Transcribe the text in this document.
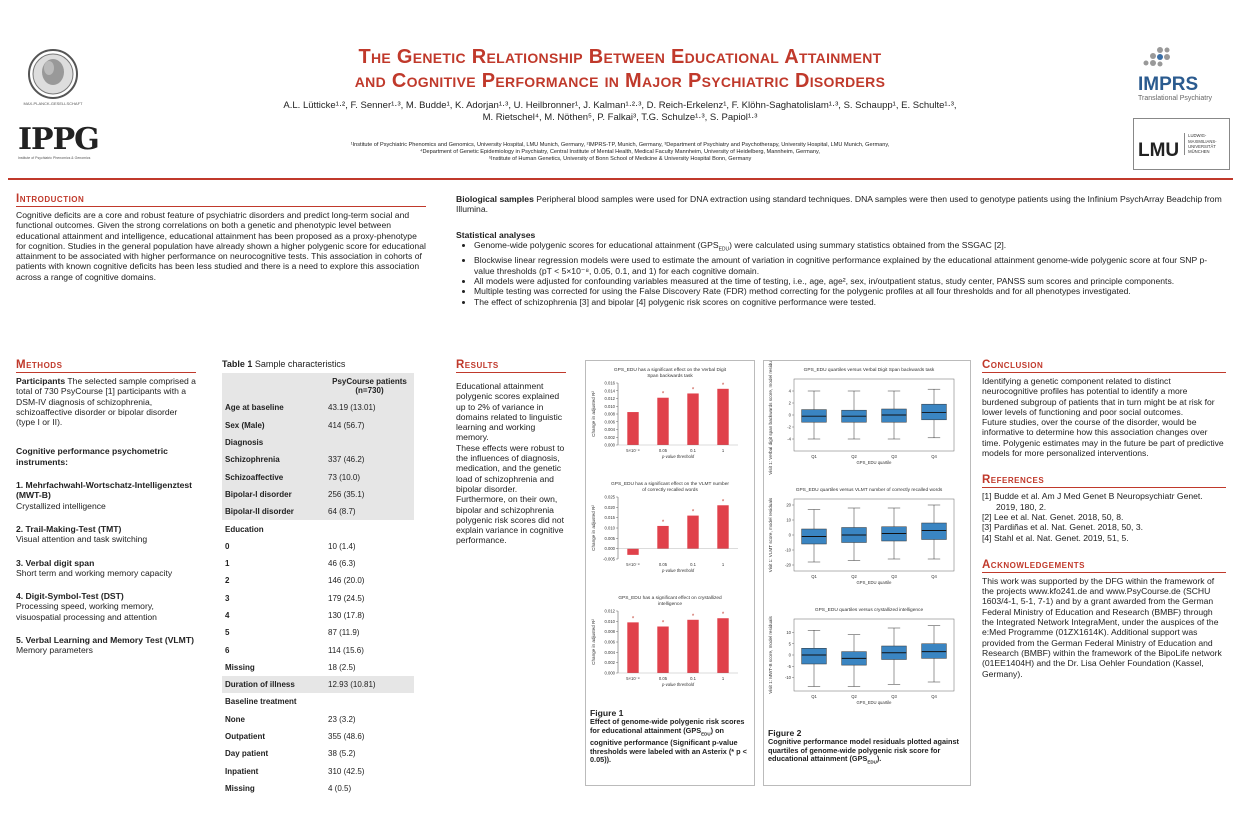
MAX-PLANCK-GESELLSCHAFT
IPPG
Institute of Psychiatric Phenomics & Genomics
The Genetic Relationship Between Educational Attainment
and Cognitive Performance in Major Psychiatric Disorders
A.L. Lütticke¹·², F. Senner¹·³, M. Budde¹, K. Adorjan¹·³, U. Heilbronner¹, J. Kalman¹·²·³, D. Reich-Erkelenz¹, F. Klöhn-Saghatolislam¹·³, S. Schaupp¹, E. Schulte¹·³,
M. Rietschel⁴, M. Nöthen⁵, P. Falkai³, T.G. Schulze¹·³, S. Papiol¹·³
¹Institute of Psychiatric Phenomics and Genomics, University Hospital, LMU Munich, Germany, ²IMPRS-TP, Munich, Germany, ³Department of Psychiatry and Psychotherapy, University Hospital, LMU Munich, Germany,
⁴Department of Genetic Epidemiology in Psychiatry, Central Institute of Mental Health, Medical Faculty Mannheim, University of Heidelberg, Mannheim, Germany,
⁵Institute of Human Genetics, University of Bonn School of Medicine & University Hospital Bonn, Germany
IMPRS
Translational Psychiatry
LMU
LUDWIG-MAXIMILIANS-UNIVERSITÄT MÜNCHEN
Introduction
Cognitive deficits are a core and robust feature of psychiatric disorders and predict long-term social and functional outcomes. Given the strong correlations on both a genetic and phenotypic level between educational attainment and intelligence, educational attainment has been proposed as a proxy-phenotype for cognition. Studies in the general population have already shown a higher polygenic score for educational attainment to be associated with higher performance on neurocognitive tests. This association in cohorts of patients with known cognitive deficits has been less studied and there is a need to explore this association across a range of cognitive domains.
Biological samples Peripheral blood samples were used for DNA extraction using standard techniques. DNA samples were then used to genotype patients using the Infinium PsychArray Beadchip from Illumina.
Statistical analyses
• Genome-wide polygenic scores for educational attainment $(GPS_{EDU})$ were calculated using summary statistics obtained from the SSGAC [2].
• Blockwise linear regression models were used to estimate the amount of variation in cognitive performance explained by the educational attainment genome-wide polygenic score at four SNP p-value thresholds (pT < 5×10⁻⁸, 0.05, 0.1, and 1) for each cognitive domain.
• All models were adjusted for confounding variables measured at the time of testing, i.e., age, age², sex, in/outpatient status, study center, PANSS sum scores and principle components.
• Multiple testing was corrected for using the False Discovery Rate (FDR) method correcting for the polygenic profiles at all four thresholds and for all phenotypes investigated.
• The effect of schizophrenia [3] and bipolar [4] polygenic risk scores on cognitive performance were tested.
Methods
Participants The selected sample comprised a total of 730 PsyCourse [1] participants with a DSM-IV diagnosis of schizophrenia, schizoaffective disorder or bipolar disorder (type I or II).
Cognitive performance psychometric instruments:
1. Mehrfachwahl-Wortschatz-Intelligenztest (MWT-B)
Crystallized intelligence
2. Trail-Making-Test (TMT)
Visual attention and task switching
3. Verbal digit span
Short term and working memory capacity
4. Digit-Symbol-Test (DST)
Processing speed, working memory, visuospatial processing and attention
5. Verbal Learning and Memory Test (VLMT)
Memory parameters
Table 1 Sample characteristics
	PsyCourse patients (n=730)
Age at baseline	43.19 (13.01)
Sex (Male)	414 (56.7)
Diagnosis	
Schizophrenia	337 (46.2)
Schizoaffective	73 (10.0)
Bipolar-I disorder	256 (35.1)
Bipolar-II disorder	64 (8.7)
Education	
0	10 (1.4)
1	46 (6.3)
2	146 (20.0)
3	179 (24.5)
4	130 (17.8)
5	87 (11.9)
6	114 (15.6)
Missing	18 (2.5)
Duration of illness	12.93 (10.81)
Baseline treatment	
None	23 (3.2)
Outpatient	355 (48.6)
Day patient	38 (5.2)
Inpatient	310 (42.5)
Missing	4 (0.5)
Results
Educational attainment polygenic scores explained up to 2% of variance in domains related to linguistic learning and working memory.
These effects were robust to the influences of diagnosis, medication, and the genetic load of schizophrenia and bipolar disorder. Furthermore, on their own, bipolar and schizophrenia polygenic risk scores did not explain variance in cognitive performance.
GPS_EDU has a significant effect on the Verbal Digit
Span backwards task
0.000
0.002
0.004
0.006
0.008
0.010
0.012
0.014
0.016
Change in adjusted R²
5×10⁻⁸
*
0.05
*
0.1
*
1
p-value threshold
GPS_EDU has a significant effect on the VLMT number
of correctly recalled words
-0.005
0.000
0.005
0.010
0.015
0.020
0.025
Change in adjusted R²
5×10⁻⁸
*
0.05
*
0.1
*
1
p-value threshold
GPS_EDU has a significant effect on crystallized
intelligence
0.000
0.002
0.004
0.006
0.008
0.010
0.012
Change in adjusted R²	*
5×10⁻⁸
*
0.05
*
0.1
*
1
p-value threshold
Figure 1
Effect of genome-wide polygenic risk scores for educational attainment $(GPS_{EDU})$ on cognitive performance (Significant p-value thresholds were labeled with an Asterix (* p < 0.05)).
GPS_EDU quartiles versus Verbal Digit Span backwards task
-4
-2
0
2
4
Visit 1: Verbal digit span backwards score, model residuals	Q1	Q2	Q3	Q4
GPS_EDU quartile
GPS_EDU quartiles versus VLMT number of correctly recalled words
-20
-10
0
10
20
Visit 1: VLMT score, model residuals
Q1	Q2	Q3	Q4
GPS_EDU quartile
GPS_EDU quartiles versus crystallized intelligence
-10
-5
0
5
10
Visit 1: MWT-B score, model residuals
Q1	Q2	Q3	Q4
GPS_EDU quartile
Figure 2
Cognitive performance model residuals plotted against quartiles of genome-wide polygenic risk score for educational attainment $(GPS_{EDU})$.
Conclusion
Identifying a genetic component related to distinct neurocognitive profiles has potential to identify a more burdened subgroup of patients that in turn might be at risk for lower levels of functioning and poor social outcomes.
Future studies, over the course of the disorder, would be informative to determine how this association changes over time. Polygenic estimates may in the future be part of predictive models for more personalized interventions.
References
[1] Budde et al. Am J Med Genet B Neuropsychiatr Genet. 2019, 180, 2.
[2] Lee et al. Nat. Genet. 2018, 50, 8.
[3] Pardiñas et al. Nat. Genet. 2018, 50, 3.
[4] Stahl et al. Nat. Genet. 2019, 51, 5.
Acknowledgements
This work was supported by the DFG within the framework of the projects www.kfo241.de and www.PsyCourse.de (SCHU 1603/4-1, 5-1, 7-1) and by a grant awarded from the German Federal Ministry of Education and Research (BMBF) through the Integrated Network IntegraMent, under the auspices of the e:Med Programme (01ZX1614K). Additional support was provided from the German Federal Ministry of Education and Research (BMBF) within the framework of the BipoLife network (01EE1404H) and the Dr. Lisa Oehler Foundation (Kassel, Germany).
